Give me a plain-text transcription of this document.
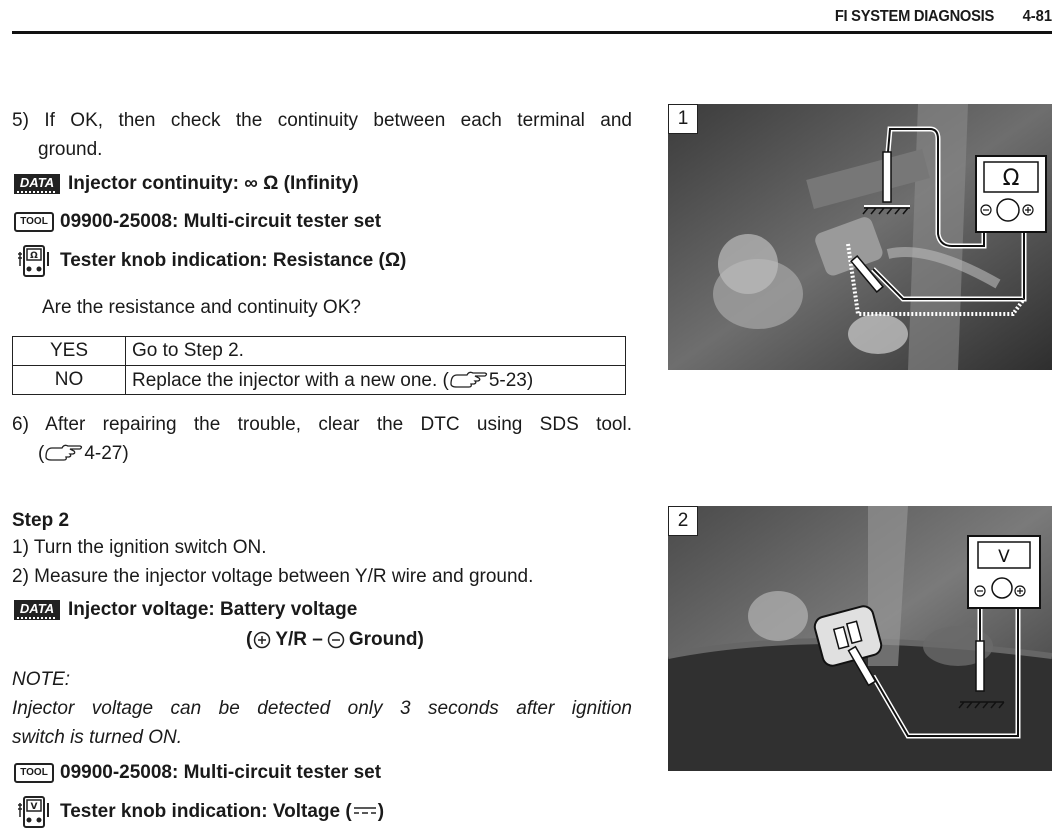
FI SYSTEM DIAGNOSIS 4-81
5) If OK, then check the continuity between each terminal and
ground.
DATA Injector continuity: ∞ Ω (Infinity)
TOOL 09900-25008: Multi-circuit tester set
Ω Tester knob indication: Resistance (Ω)
Are the resistance and continuity OK?
YES	Go to Step 2.
NO	Replace the injector with a new one. ( 5-23)
6) After repairing the trouble, clear the DTC using SDS tool.
( 4-27)
Step 2
1) Turn the ignition switch ON.
2) Measure the injector voltage between Y/R wire and ground.
DATA Injector voltage: Battery voltage
( Y/R – Ground)
NOTE:
Injector voltage can be detected only 3 seconds after ignition
switch is turned ON.
TOOL 09900-25008: Multi-circuit tester set
V Tester knob indication: Voltage ( )
Ω
1
V
2
